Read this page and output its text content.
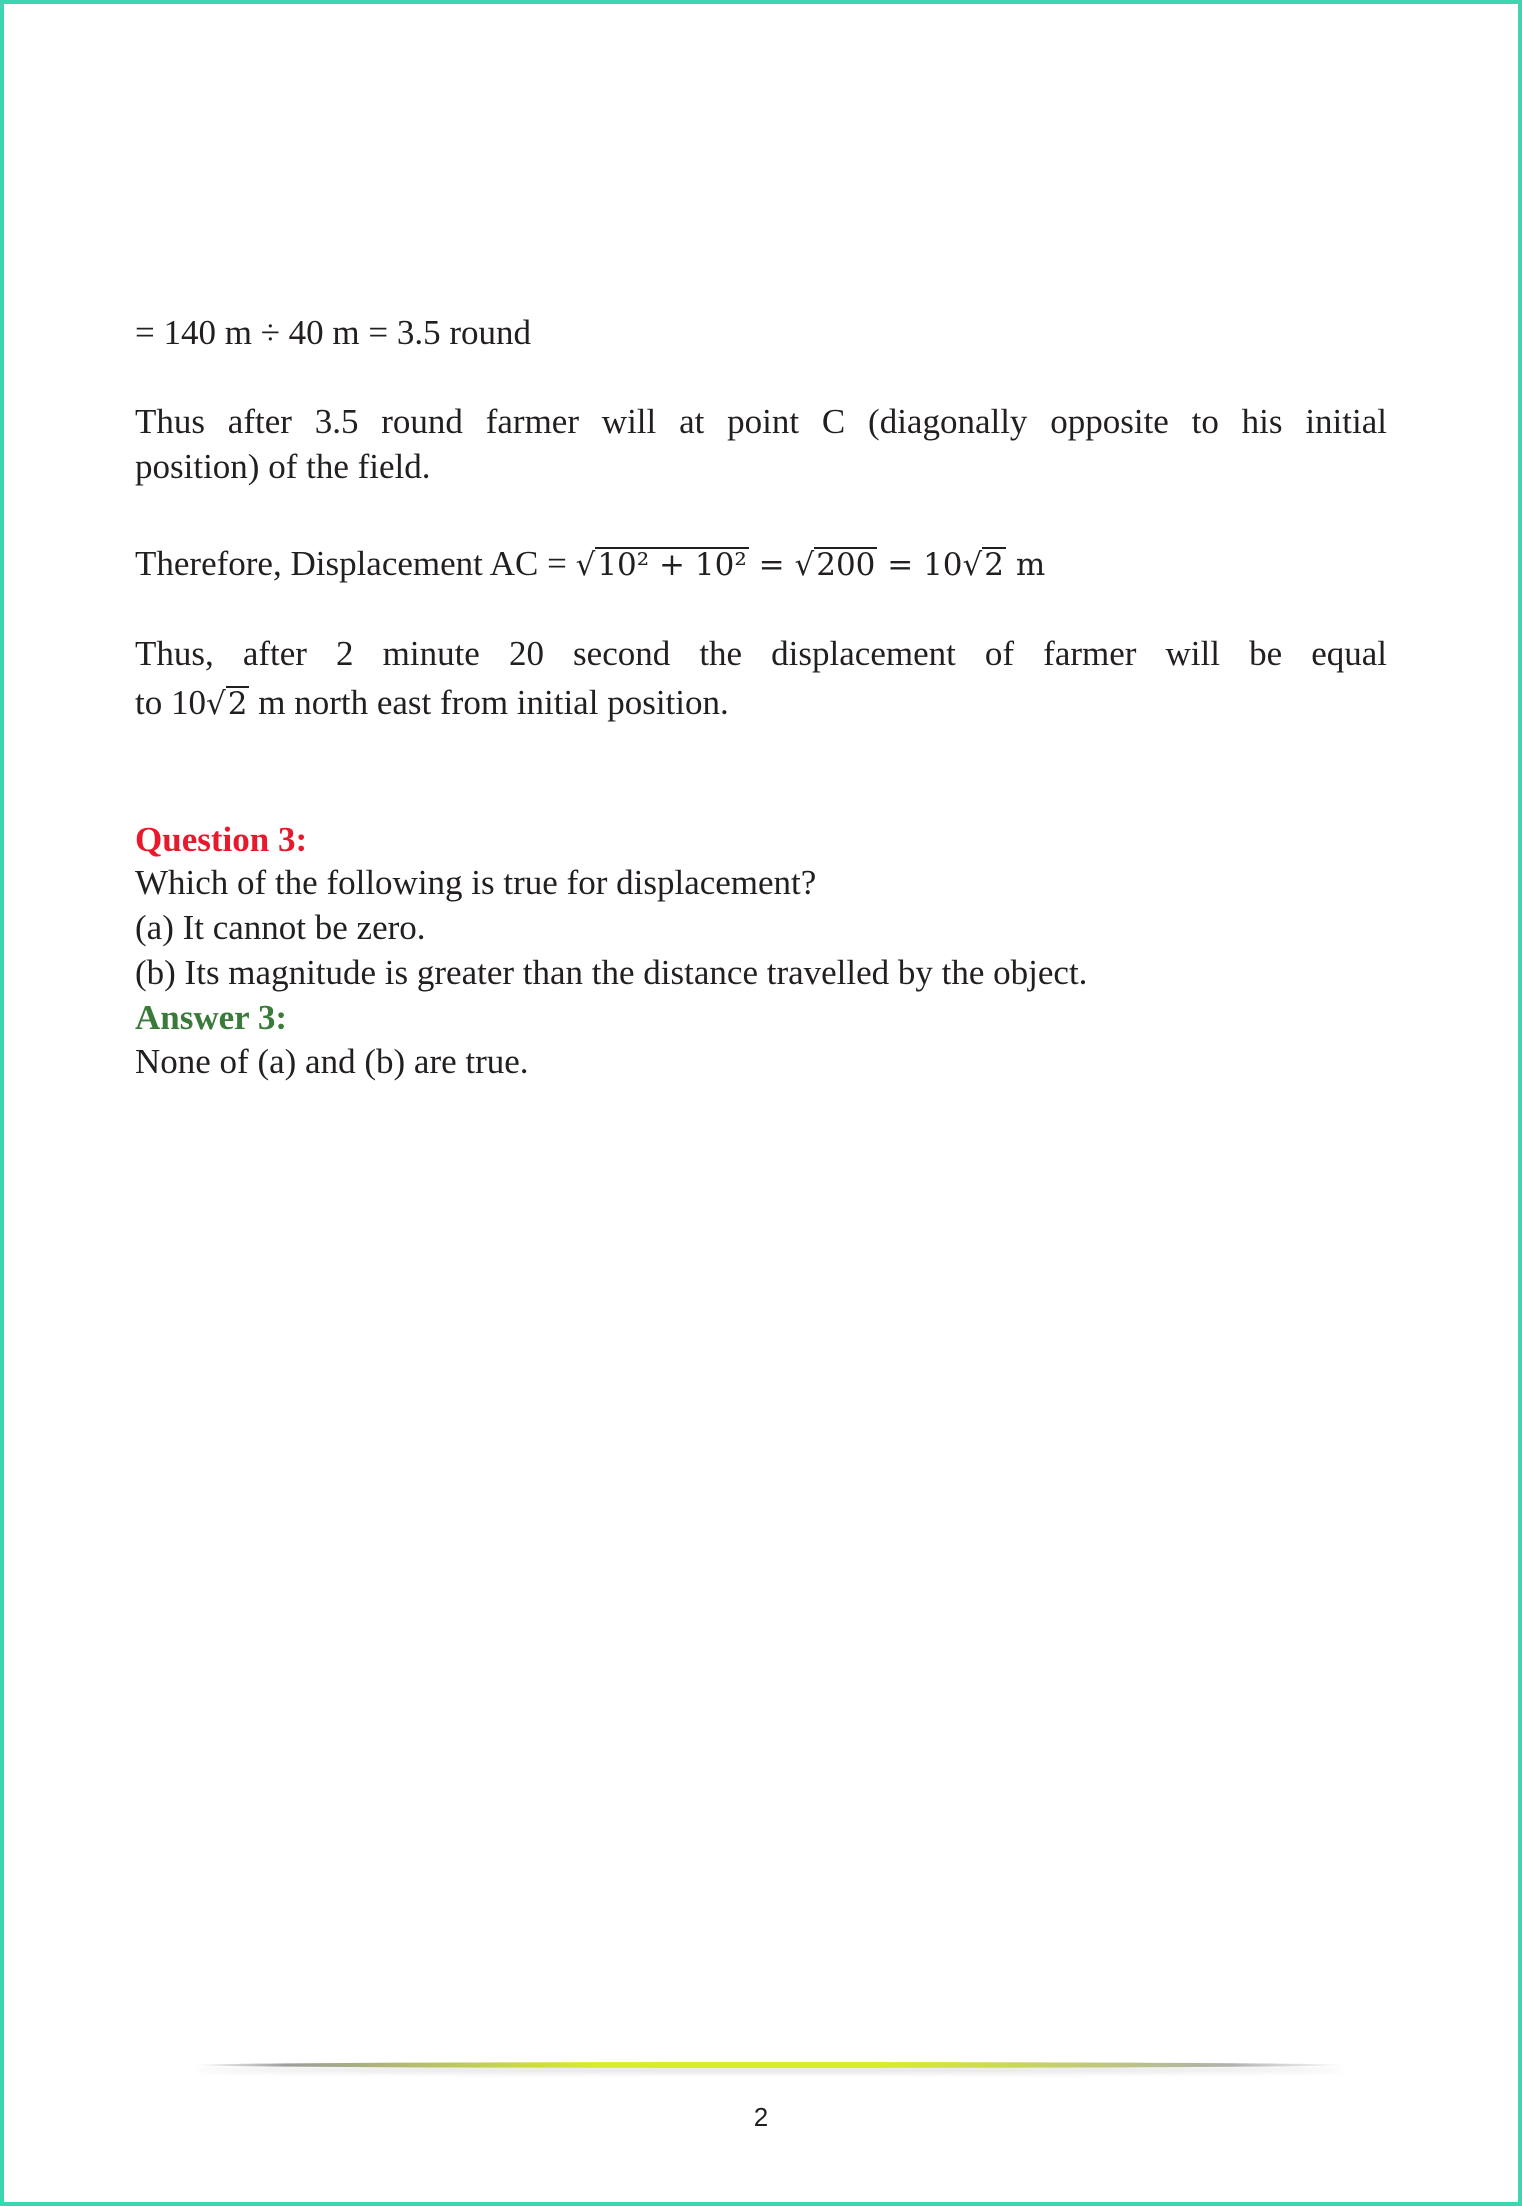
= 140 m ÷ 40 m = 3.5 round
Thus after 3.5 round farmer will at point C (diagonally opposite to his initial
position) of the field.
Therefore, Displacement AC = √10² + 10² = √200 = 10√2 m
Thus, after 2 minute 20 second the displacement of farmer will be equal
to 10√2 m north east from initial position.
Question 3:
Which of the following is true for displacement?
(a) It cannot be zero.
(b) Its magnitude is greater than the distance travelled by the object.
Answer 3:
None of (a) and (b) are true.
2
